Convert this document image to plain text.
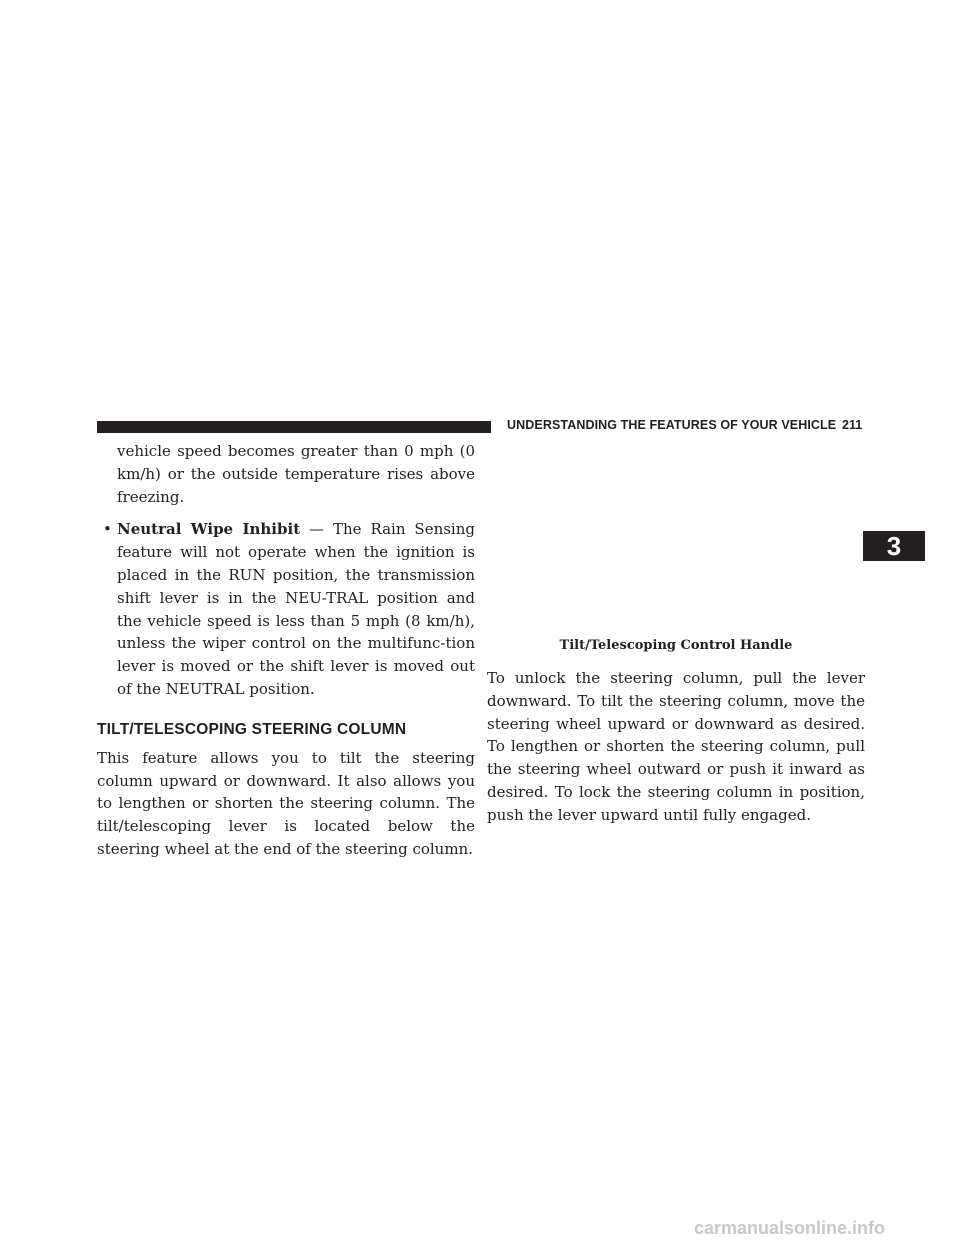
UNDERSTANDING THE FEATURES OF YOUR VEHICLE 211
3

vehicle speed becomes greater than 0 mph (0 km/h) or the outside temperature rises above freezing.

• Neutral Wipe Inhibit — The Rain Sensing feature will not operate when the ignition is placed in the RUN position, the transmission shift lever is in the NEU-TRAL position and the vehicle speed is less than 5 mph (8 km/h), unless the wiper control on the multifunc-tion lever is moved or the shift lever is moved out of the NEUTRAL position.

TILT/TELESCOPING STEERING COLUMN

This feature allows you to tilt the steering column upward or downward. It also allows you to lengthen or shorten the steering column. The tilt/telescoping lever is located below the steering wheel at the end of the steering column.

Tilt/Telescoping Control Handle

To unlock the steering column, pull the lever downward. To tilt the steering column, move the steering wheel upward or downward as desired. To lengthen or shorten the steering column, pull the steering wheel outward or push it inward as desired. To lock the steering column in position, push the lever upward until fully engaged.

carmanualsonline.info
